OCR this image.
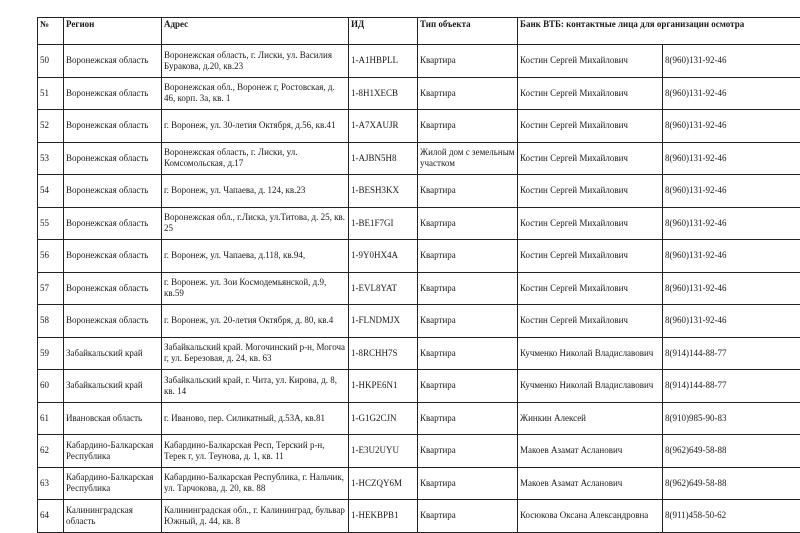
№	Регион	Адрес	ИД	Тип объекта	Банк ВТБ: контактные лица для организации осмотра	
50	Воронежская область	Воронежская область, г. Лиски, ул. Василия Буракова, д.20, кв.23	1-A1HBPLL	Квартира	Костин Сергей Михайлович	8(960)131-92-46
51	Воронежская область	Воронежская обл., Воронеж г, Ростовская, д. 46, корп. 3а, кв. 1	1-8H1XECB	Квартира	Костин Сергей Михайлович	8(960)131-92-46
52	Воронежская область	г. Воронеж, ул. 30-летия Октября, д.56, кв.41	1-A7XAUJR	Квартира	Костин Сергей Михайлович	8(960)131-92-46
53	Воронежская область	Воронежская область, г. Лиски, ул. Комсомольская, д.17	1-AJBN5H8	Жилой дом с земельным участком	Костин Сергей Михайлович	8(960)131-92-46
54	Воронежская область	г. Воронеж, ул. Чапаева, д. 124, кв.23	1-BESH3KX	Квартира	Костин Сергей Михайлович	8(960)131-92-46
55	Воронежская область	Воронежская обл., г.Лиска, ул.Титова, д. 25, кв. 25	1-BE1F7GI	Квартира	Костин Сергей Михайлович	8(960)131-92-46
56	Воронежская область	г. Воронеж, ул. Чапаева, д.118, кв.94,	1-9Y0HX4A	Квартира	Костин Сергей Михайлович	8(960)131-92-46
57	Воронежская область	г. Воронеж. ул. Зои Космодемьянской, д.9, кв.59	1-EVL8YAT	Квартира	Костин Сергей Михайлович	8(960)131-92-46
58	Воронежская область	г. Воронеж, ул. 20-летия Октября, д. 80, кв.4	1-FLNDMJX	Квартира	Костин Сергей Михайлович	8(960)131-92-46
59	Забайкальский край	Забайкальский край. Могочинский р-н, Могоча г, ул. Березовая, д. 24, кв. 63	1-8RCHH7S	Квартира	Кучменко Николай Владиславович	8(914)144-88-77
60	Забайкальский край	Забайкальский край, г. Чита, ул. Кирова, д. 8, кв. 14	1-HKPE6N1	Квартира	Кучменко Николай Владиславович	8(914)144-88-77
61	Ивановская область	г. Иваново, пер. Силикатный, д.53А, кв.81	1-G1G2CJN	Квартира	Жинкин Алексей	8(910)985-90-83
62	Кабардино-Балкарская Республика	Кабардино-Балкарская Респ, Терский р-н, Терек г, ул. Теунова, д. 1, кв. 11	1-E3U2UYU	Квартира	Макоев Азамат Асланович	8(962)649-58-88
63	Кабардино-Балкарская Республика	Кабардино-Балкарская Республика, г. Нальчик, ул. Тарчокова, д. 20, кв. 88	1-HCZQY6M	Квартира	Макоев Азамат Асланович	8(962)649-58-88
64	Калининградская область	Калининградская обл., г. Калининград, бульвар Южный, д. 44, кв. 8	1-HEKBPB1	Квартира	Косюкова Оксана Александровна	8(911)458-50-62
